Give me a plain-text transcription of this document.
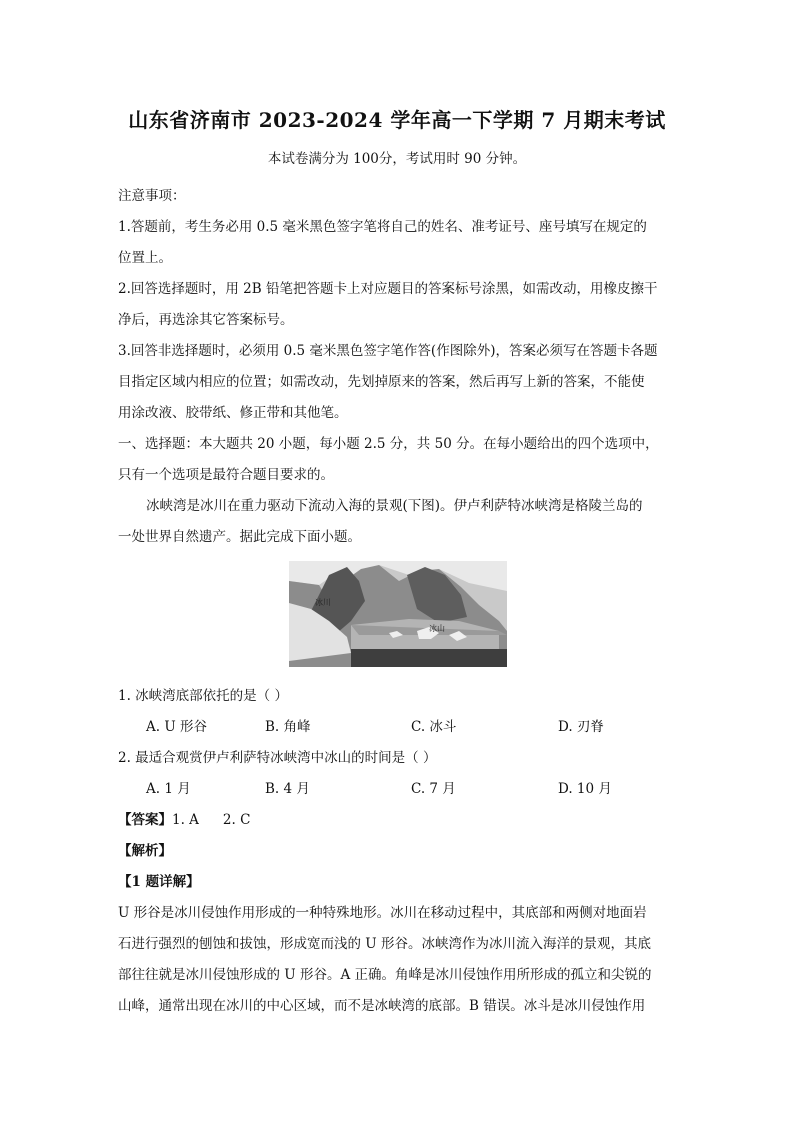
山东省济南市 2023-2024 学年高一下学期 7 月期末考试

本试卷满分为 100分，考试用时 90 分钟。

注意事项：

1.答题前，考生务必用 0.5 毫米黑色签字笔将自己的姓名、准考证号、座号填写在规定的

位置上。

2.回答选择题时，用 2B 铅笔把答题卡上对应题目的答案标号涂黑，如需改动，用橡皮擦干

净后，再选涂其它答案标号。

3.回答非选择题时，必须用 0.5 毫米黑色签字笔作答(作图除外)，答案必须写在答题卡各题

目指定区域内相应的位置；如需改动，先划掉原来的答案，然后再写上新的答案，不能使

用涂改液、胶带纸、修正带和其他笔。

一、选择题：本大题共 20 小题，每小题 2.5 分，共 50 分。在每小题给出的四个选项中，

只有一个选项是最符合题目要求的。

冰峡湾是冰川在重力驱动下流动入海的景观(下图)。伊卢利萨特冰峡湾是格陵兰岛的

一处世界自然遗产。据此完成下面小题。

冰川
冰山

1. 冰峡湾底部依托的是（ ）

A. U 形谷	B. 角峰	C. 冰斗	D. 刃脊

2. 最适合观赏伊卢利萨特冰峡湾中冰山的时间是（ ）

A. 1 月	B. 4 月	C. 7 月	D. 10 月

【答案】1. A 2. C

【解析】

【1 题详解】

U 形谷是冰川侵蚀作用形成的一种特殊地形。冰川在移动过程中，其底部和两侧对地面岩

石进行强烈的刨蚀和拔蚀，形成宽而浅的 U 形谷。冰峡湾作为冰川流入海洋的景观，其底

部往往就是冰川侵蚀形成的 U 形谷。A 正确。角峰是冰川侵蚀作用所形成的孤立和尖锐的

山峰，通常出现在冰川的中心区域，而不是冰峡湾的底部。B 错误。冰斗是冰川侵蚀作用
